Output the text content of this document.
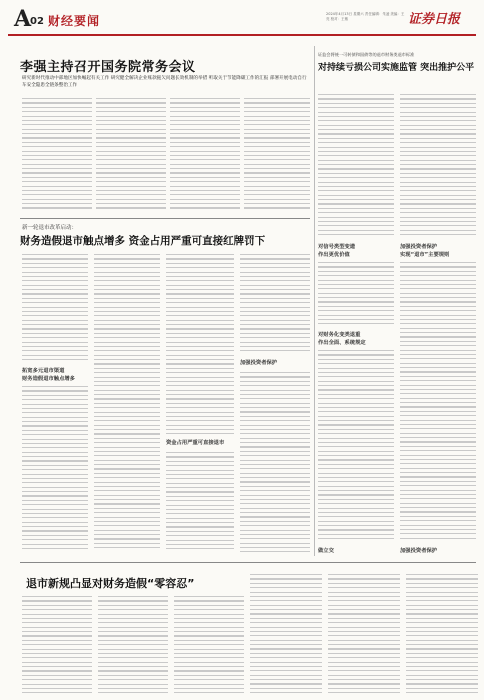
A 02 财经要闻	2024年4月13日 星期六 责任编辑：朱凌 美编：王亮 校对：王敏	证券日报
李强主持召开国务院常务会议
研究新时代推动中部地区加快崛起有关工作 研究健全解决企业账款拖欠问题长效机制的举措 听取关于节能降碳工作的汇报 部署开展电动自行车安全隐患全链条整治工作
证监会将统一可转债和国债等的退市财务类退市标准
对持续亏损公司实施监管 突出推护公平
对信号类型变遗
作出更优价值
对财务化变类退重
作出全面、系统规定
加强投资者保护
实现“退市”主要规则
新一轮退市改革启动：
财务造假退市触点增多 资金占用严重可直接红牌罚下
拓宽多元退市渠道
财务造假退市触点增多
资金占用严重可直接退市
加强投资者保护
退市新规凸显对财务造假“零容忍”
做立交	加强投资者保护
